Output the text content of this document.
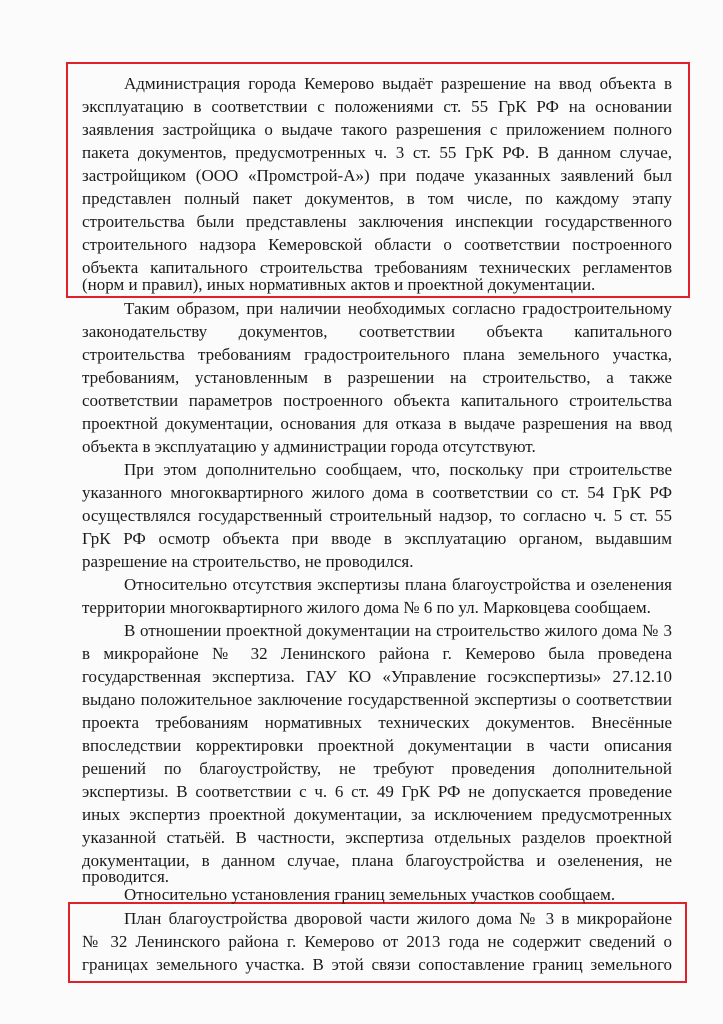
Администрация города Кемерово выдаёт разрешение на ввод объекта в
эксплуатацию в соответствии с положениями ст. 55 ГрК РФ на основании
заявления застройщика о выдаче такого разрешения с приложением полного
пакета документов, предусмотренных ч. 3 ст. 55 ГрК РФ. В данном случае,
застройщиком (ООО «Промстрой-А») при подаче указанных заявлений был
представлен полный пакет документов, в том числе, по каждому этапу
строительства были представлены заключения инспекции государственного
строительного надзора Кемеровской области о соответствии построенного
объекта капитального строительства требованиям технических регламентов
(норм и правил), иных нормативных актов и проектной документации.
Таким образом, при наличии необходимых согласно градостроительному
законодательству документов, соответствии объекта капитального
строительства требованиям градостроительного плана земельного участка,
требованиям, установленным в разрешении на строительство, а также
соответствии параметров построенного объекта капитального строительства
проектной документации, основания для отказа в выдаче разрешения на ввод
объекта в эксплуатацию у администрации города отсутствуют.
При этом дополнительно сообщаем, что, поскольку при строительстве
указанного многоквартирного жилого дома в соответствии со ст. 54 ГрК РФ
осуществлялся государственный строительный надзор, то согласно ч. 5 ст. 55
ГрК РФ осмотр объекта при вводе в эксплуатацию органом, выдавшим
разрешение на строительство, не проводился.
Относительно отсутствия экспертизы плана благоустройства и озеленения
территории многоквартирного жилого дома № 6 по ул. Марковцева сообщаем.
В отношении проектной документации на строительство жилого дома № 3
в микрорайоне № 32 Ленинского района г. Кемерово была проведена
государственная экспертиза. ГАУ КО «Управление госэкспертизы» 27.12.10
выдано положительное заключение государственной экспертизы о соответствии
проекта требованиям нормативных технических документов. Внесённые
впоследствии корректировки проектной документации в части описания
решений по благоустройству, не требуют проведения дополнительной
экспертизы. В соответствии с ч. 6 ст. 49 ГрК РФ не допускается проведение
иных экспертиз проектной документации, за исключением предусмотренных
указанной статьёй. В частности, экспертиза отдельных разделов проектной
документации, в данном случае, плана благоустройства и озеленения, не
проводится.
Относительно установления границ земельных участков сообщаем.
План благоустройства дворовой части жилого дома № 3 в микрорайоне
№ 32 Ленинского района г. Кемерово от 2013 года не содержит сведений о
границах земельного участка. В этой связи сопоставление границ земельного
